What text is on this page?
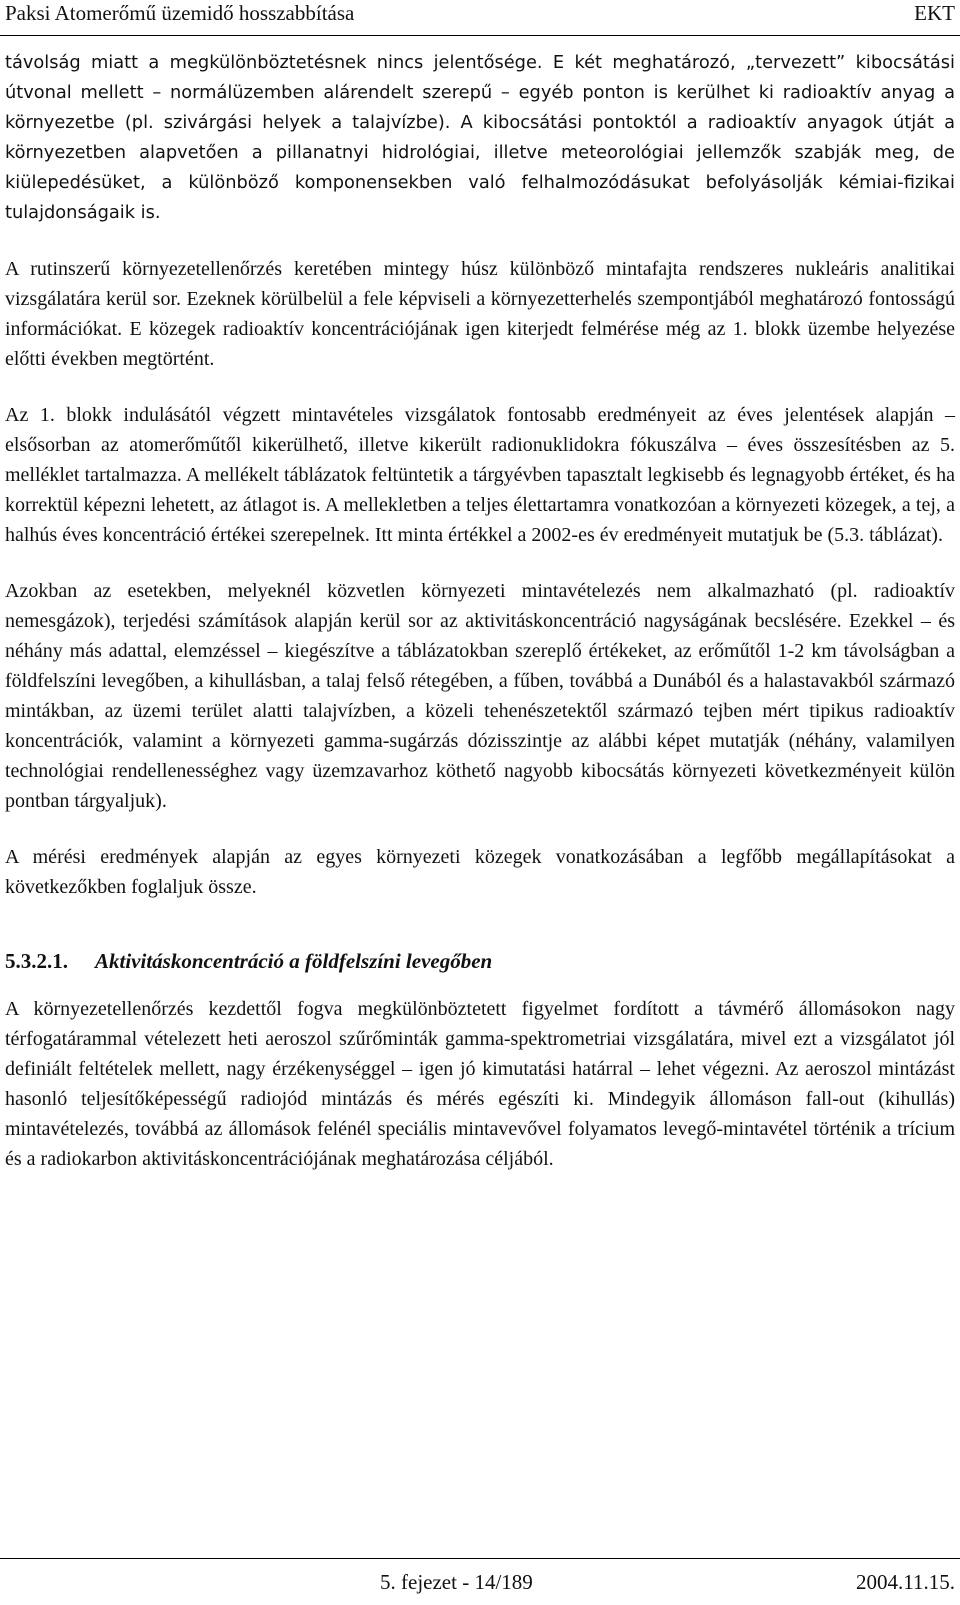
Paksi Atomerőmű üzemidő hosszabbítása	EKT

távolság miatt a megkülönböztetésnek nincs jelentősége. E két meghatározó, „tervezett” kibocsátási útvonal mellett – normálüzemben alárendelt szerepű – egyéb ponton is kerülhet ki radioaktív anyag a környezetbe (pl. szivárgási helyek a talajvízbe). A kibocsátási pontoktól a radioaktív anyagok útját a környezetben alapvetően a pillanatnyi hidrológiai, illetve meteorológiai jellemzők szabják meg, de kiülepedésüket, a különböző komponensekben való felhalmozódásukat befolyásolják kémiai-fizikai tulajdonságaik is.

A rutinszerű környezetellenőrzés keretében mintegy húsz különböző mintafajta rendszeres nukleáris analitikai vizsgálatára kerül sor. Ezeknek körülbelül a fele képviseli a környezetterhelés szempontjából meghatározó fontosságú információkat. E közegek radioaktív koncentrációjának igen kiterjedt felmérése még az 1. blokk üzembe helyezése előtti években megtörtént.

Az 1. blokk indulásától végzett mintavételes vizsgálatok fontosabb eredményeit az éves jelentések alapján – elsősorban az atomerőműtől kikerülhető, illetve kikerült radionuklidokra fókuszálva – éves összesítésben az 5. melléklet tartalmazza. A mellékelt táblázatok feltüntetik a tárgyévben tapasztalt legkisebb és legnagyobb értéket, és ha korrektül képezni lehetett, az átlagot is. A mellekletben a teljes élettartamra vonatkozóan a környezeti közegek, a tej, a halhús éves koncentráció értékei szerepelnek. Itt minta értékkel a 2002-es év eredményeit mutatjuk be (5.3. táblázat).

Azokban az esetekben, melyeknél közvetlen környezeti mintavételezés nem alkalmazható (pl. radioaktív nemesgázok), terjedési számítások alapján kerül sor az aktivitáskoncentráció nagyságának becslésére. Ezekkel – és néhány más adattal, elemzéssel – kiegészítve a táblázatokban szereplő értékeket, az erőműtől 1-2 km távolságban a földfelszíni levegőben, a kihullásban, a talaj felső rétegében, a fűben, továbbá a Dunából és a halastavakból származó mintákban, az üzemi terület alatti talajvízben, a közeli tehenészetektől származó tejben mért tipikus radioaktív koncentrációk, valamint a környezeti gamma-sugárzás dózisszintje az alábbi képet mutatják (néhány, valamilyen technológiai rendellenességhez vagy üzemzavarhoz köthető nagyobb kibocsátás környezeti következményeit külön pontban tárgyaljuk).

A mérési eredmények alapján az egyes környezeti közegek vonatkozásában a legfőbb megállapításokat a következőkben foglaljuk össze.

5.3.2.1. Aktivitáskoncentráció a földfelszíni levegőben

A környezetellenőrzés kezdettől fogva megkülönböztetett figyelmet fordított a távmérő állomásokon nagy térfogatárammal vételezett heti aeroszol szűrőminták gamma-spektrometriai vizsgálatára, mivel ezt a vizsgálatot jól definiált feltételek mellett, nagy érzékenységgel – igen jó kimutatási határral – lehet végezni. Az aeroszol mintázást hasonló teljesítőképességű radiojód mintázás és mérés egészíti ki. Mindegyik állomáson fall-out (kihullás) mintavételezés, továbbá az állomások felénél speciális mintavevővel folyamatos levegő-mintavétel történik a trícium és a radiokarbon aktivitáskoncentrációjának meghatározása céljából.

5. fejezet - 14/189	2004.11.15.
